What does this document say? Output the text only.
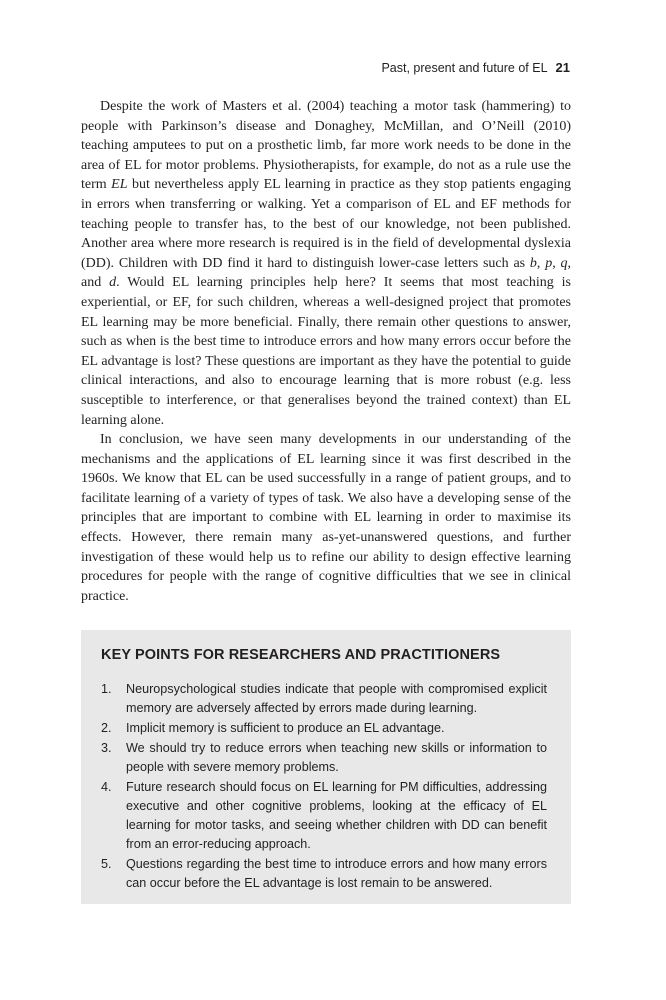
Past, present and future of EL 21

Despite the work of Masters et al. (2004) teaching a motor task (hammering) to people with Parkinson’s disease and Donaghey, McMillan, and O’Neill (2010) teaching amputees to put on a prosthetic limb, far more work needs to be done in the area of EL for motor problems. Physiotherapists, for example, do not as a rule use the term EL but nevertheless apply EL learning in practice as they stop patients engaging in errors when transferring or walking. Yet a comparison of EL and EF methods for teaching people to transfer has, to the best of our knowledge, not been published. Another area where more research is required is in the field of developmental dyslexia (DD). Children with DD find it hard to distinguish lower-case letters such as b, p, q, and d. Would EL learning principles help here? It seems that most teaching is experiential, or EF, for such children, whereas a well-designed project that promotes EL learning may be more beneficial. Finally, there remain other questions to answer, such as when is the best time to introduce errors and how many errors occur before the EL advantage is lost? These questions are important as they have the potential to guide clinical interactions, and also to encourage learning that is more robust (e.g. less susceptible to interference, or that generalises beyond the trained context) than EL learning alone.

In conclusion, we have seen many developments in our understanding of the mechanisms and the applications of EL learning since it was first described in the 1960s. We know that EL can be used successfully in a range of patient groups, and to facilitate learning of a variety of types of task. We also have a developing sense of the principles that are important to combine with EL learning in order to maximise its effects. However, there remain many as-yet-unanswered questions, and further investigation of these would help us to refine our ability to design effective learning procedures for people with the range of cognitive difficulties that we see in clinical practice.

KEY POINTS FOR RESEARCHERS AND PRACTITIONERS
1. Neuropsychological studies indicate that people with compromised explicit memory are adversely affected by errors made during learning.
2. Implicit memory is sufficient to produce an EL advantage.
3. We should try to reduce errors when teaching new skills or information to people with severe memory problems.
4. Future research should focus on EL learning for PM difficulties, addressing executive and other cognitive problems, looking at the efficacy of EL learning for motor tasks, and seeing whether children with DD can benefit from an error-reducing approach.
5. Questions regarding the best time to introduce errors and how many errors can occur before the EL advantage is lost remain to be answered.
